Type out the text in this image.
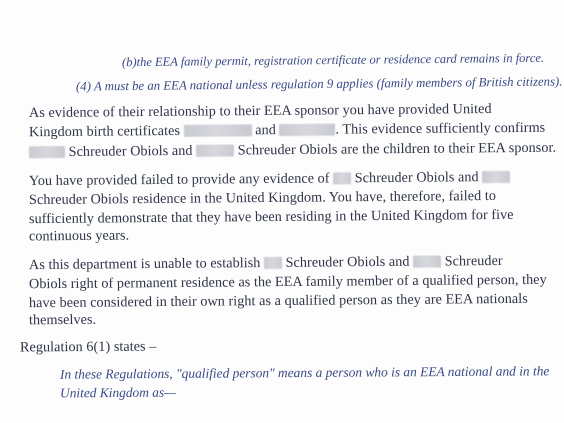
(b)the EEA family permit, registration certificate or residence card remains in force.
(4) A must be an EEA national unless regulation 9 applies (family members of British citizens).
As evidence of their relationship to their EEA sponsor you have provided United
Kingdom birth certificates	and	. This evidence sufficiently confirms
Schreuder Obiols and	Schreuder Obiols are the children to their EEA sponsor.
You have provided failed to provide any evidence of  Schreuder Obiols and
Schreuder Obiols residence in the United Kingdom. You have, therefore, failed to
sufficiently demonstrate that they have been residing in the United Kingdom for five
continuous years.
As this department is unable to establish  Schreuder Obiols and  Schreuder
Obiols right of permanent residence as the EEA family member of a qualified person, they
have been considered in their own right as a qualified person as they are EEA nationals
themselves.
Regulation 6(1) states –
In these Regulations, "qualified person" means a person who is an EEA national and in the
United Kingdom as—
